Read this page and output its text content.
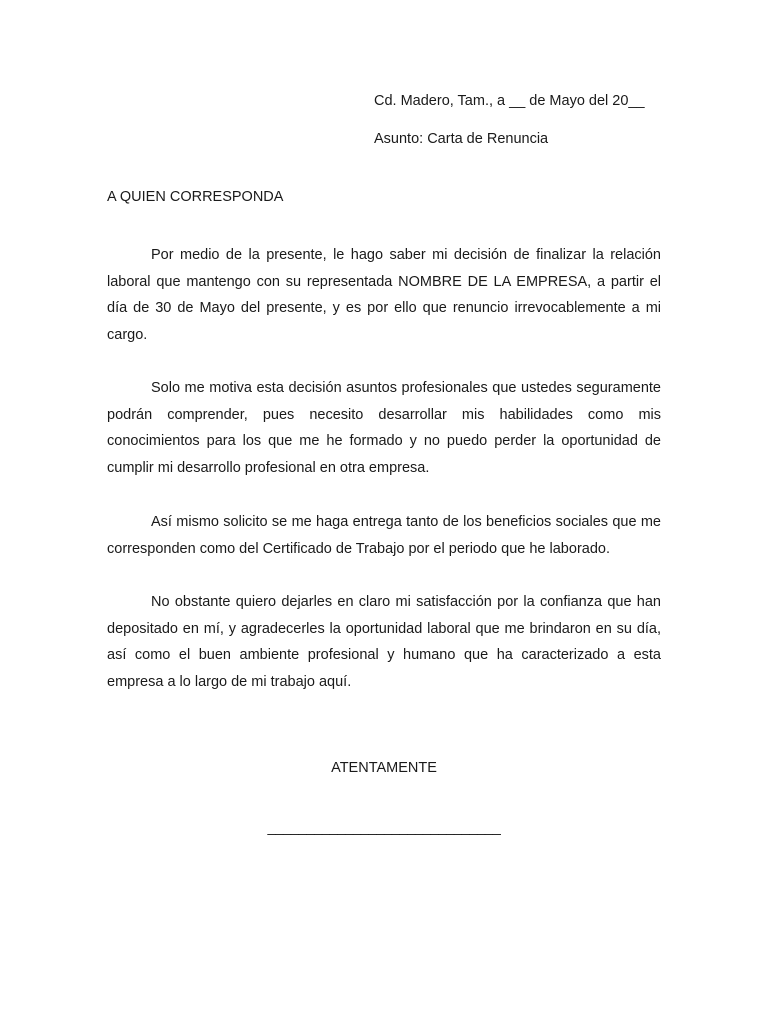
Cd. Madero, Tam., a __ de Mayo del 20__
Asunto: Carta de Renuncia
A QUIEN CORRESPONDA

Por medio de la presente, le hago saber mi decisión de finalizar la relación laboral que mantengo con su representada NOMBRE DE LA EMPRESA, a partir el día de 30 de Mayo del presente, y es por ello que renuncio irrevocablemente a mi cargo.

Solo me motiva esta decisión asuntos profesionales que ustedes seguramente podrán comprender, pues necesito desarrollar mis habilidades como mis conocimientos para los que me he formado y no puedo perder la oportunidad de cumplir mi desarrollo profesional en otra empresa.

Así mismo solicito se me haga entrega tanto de los beneficios sociales que me corresponden como del Certificado de Trabajo por el periodo que he laborado.

No obstante quiero dejarles en claro mi satisfacción por la confianza que han depositado en mí, y agradecerles la oportunidad laboral que me brindaron en su día, así como el buen ambiente profesional y humano que ha caracterizado a esta empresa a lo largo de mi trabajo aquí.

ATENTAMENTE
______________________________
